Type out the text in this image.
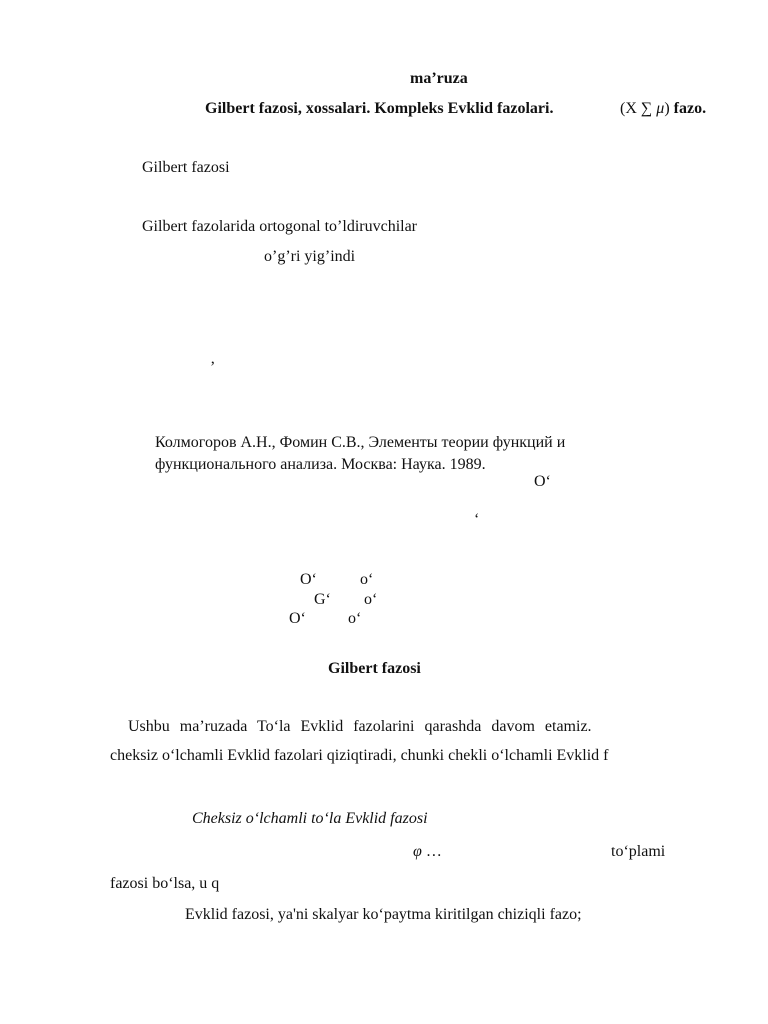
ma’ruza
Gilbert fazosi, xossalari. Kompleks Evklid fazolari.	(X ∑ μ) fazo.
Gilbert fazosi
Gilbert fazolarida ortogonal to’ldiruvchilar
o’g’ri yig’indi
’
Колмогоров А.Н., Фомин С.В., Элементы теории функций и
функционального анализа. Москва: Наука. 1989.
O‘
‘
O‘	o‘
G‘ o‘
O‘	o‘
Gilbert fazosi
Ushbu ma’ruzada To‘la Evklid fazolarini qarashda davom etamiz.
cheksiz o‘lchamli Evklid fazolari qiziqtiradi, chunki chekli o‘lchamli Evklid f
Cheksiz o‘lchamli to‘la Evklid fazosi
φ …	to‘plami
fazosi bo‘lsa, u q
Evklid fazosi, ya'ni skalyar ko‘paytma kiritilgan chiziqli fazo;
